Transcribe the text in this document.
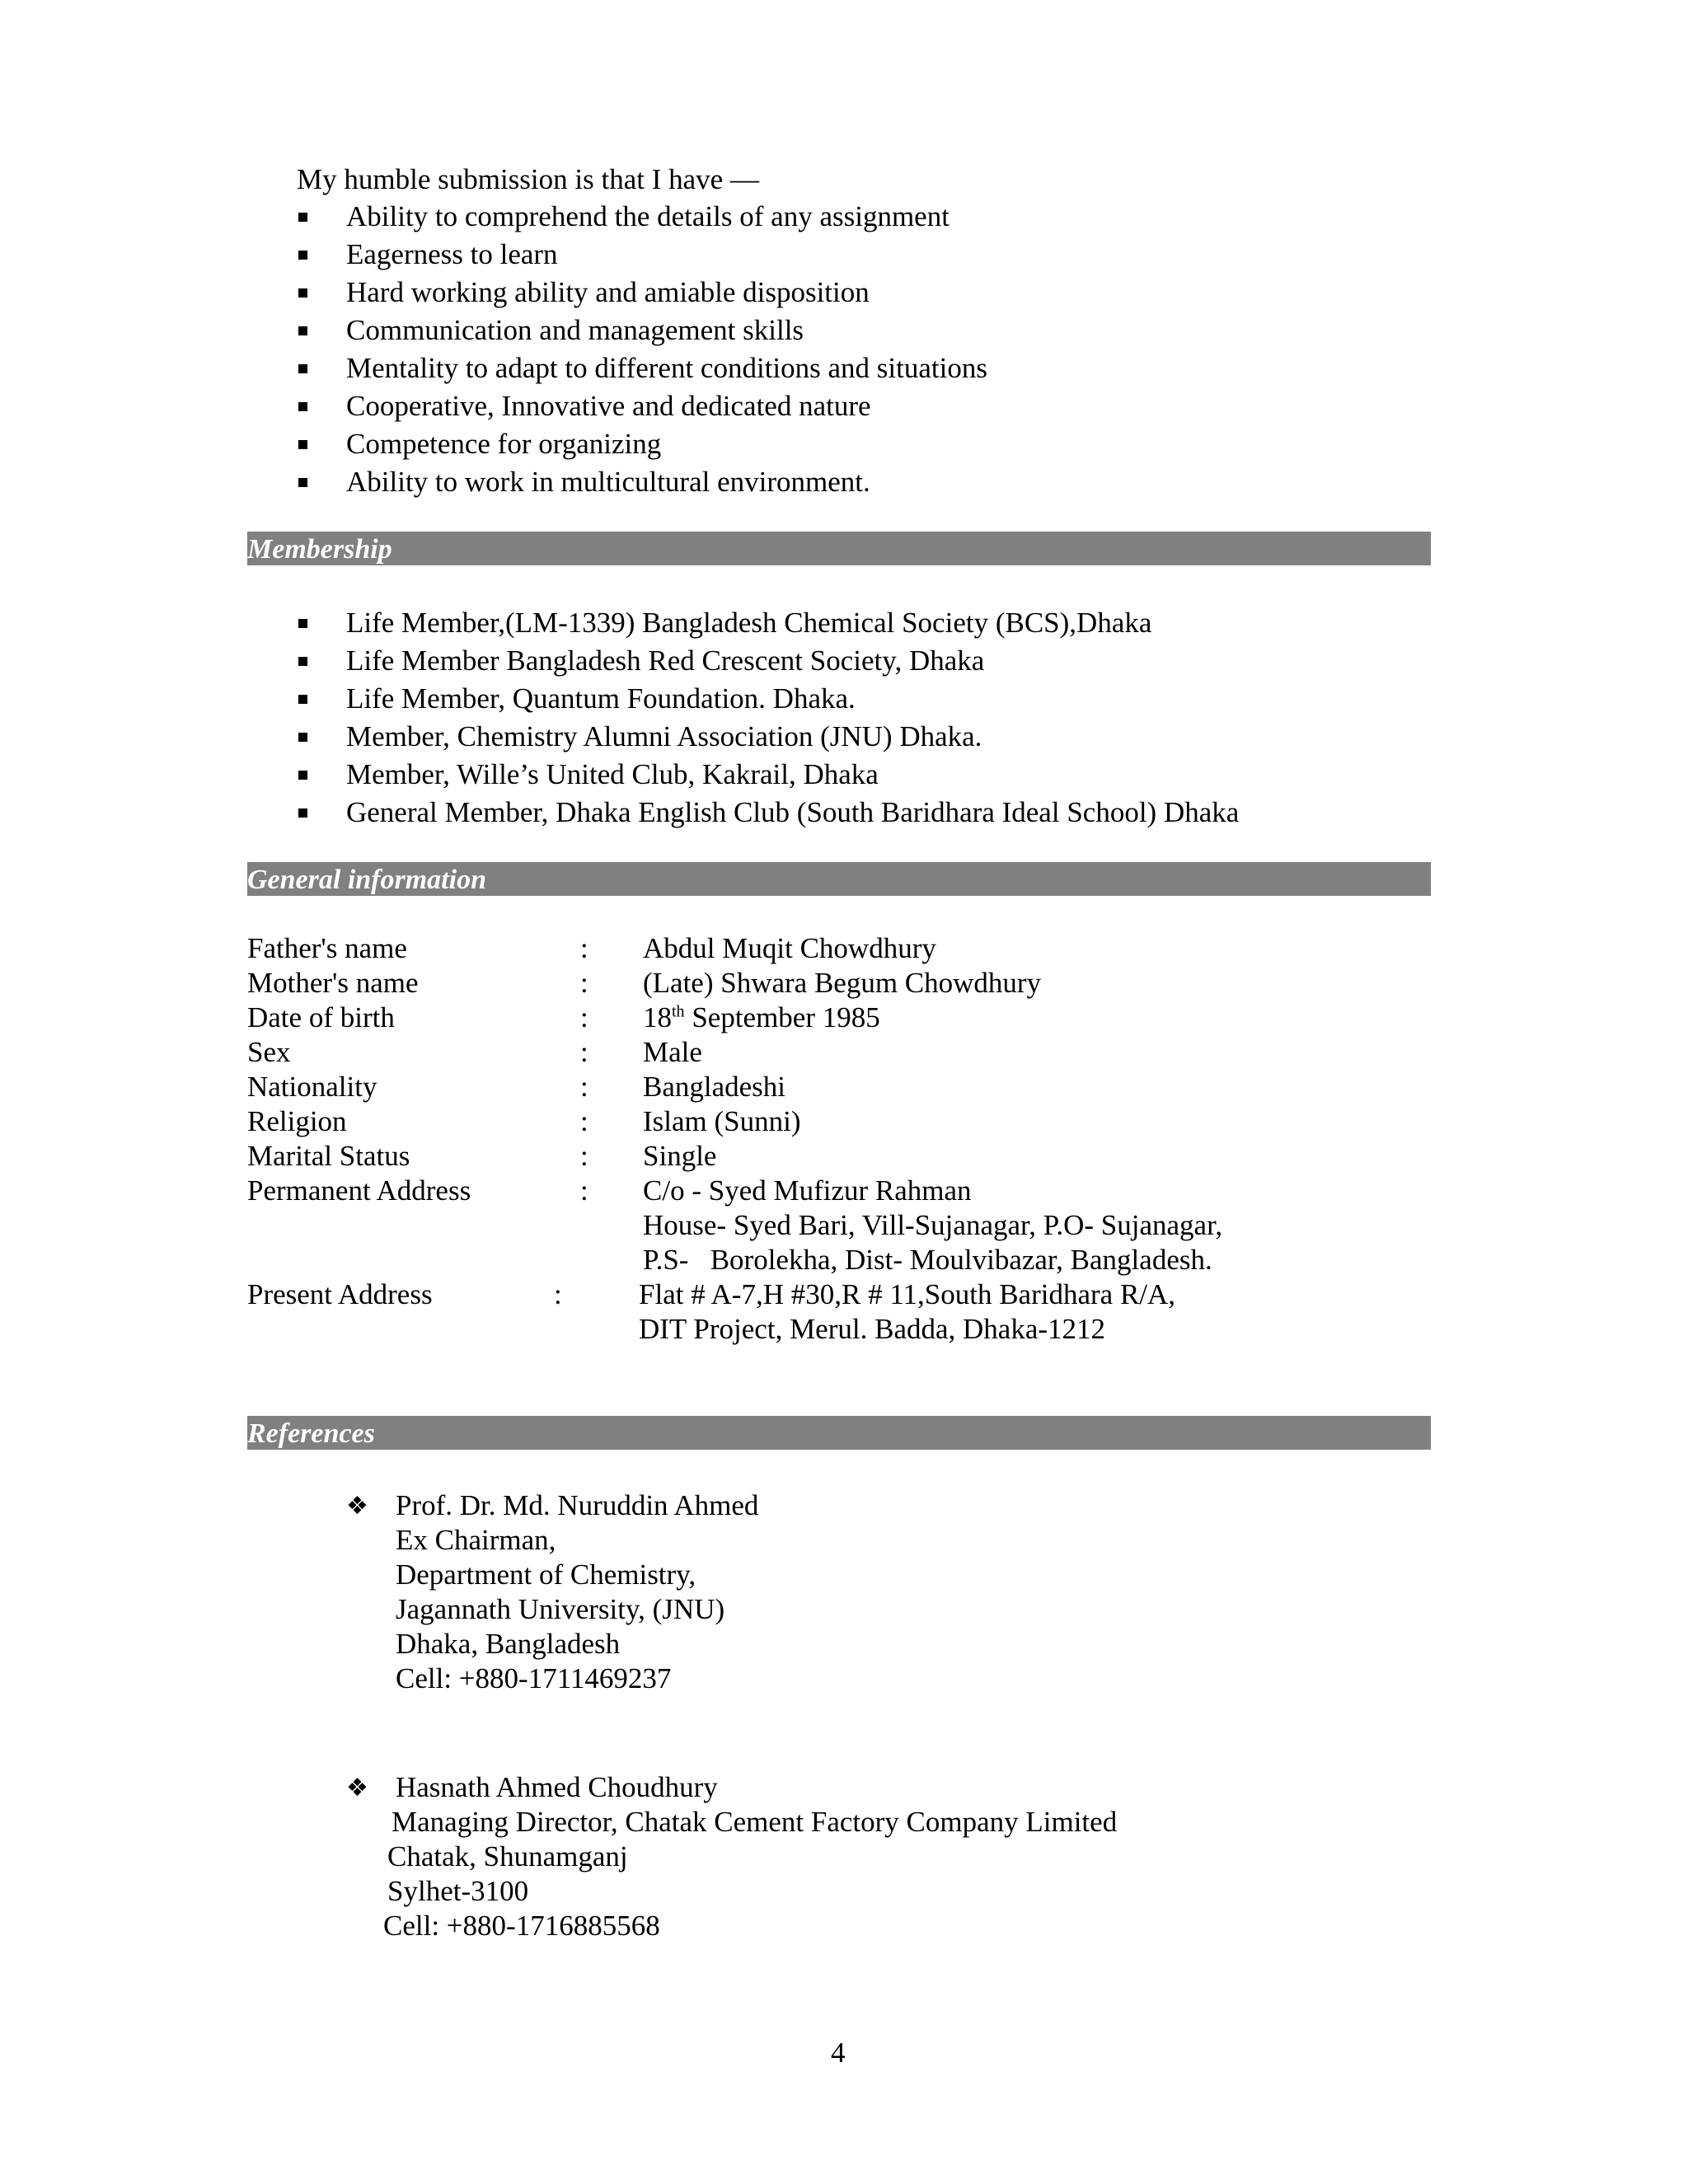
My humble submission is that I have —
Ability to comprehend the details of any assignment
Eagerness to learn
Hard working ability and amiable disposition
Communication and management skills
Mentality to adapt to different conditions and situations
Cooperative, Innovative and dedicated nature
Competence for organizing
Ability to work in multicultural environment.
Membership
Life Member,(LM-1339) Bangladesh Chemical Society (BCS),Dhaka
Life Member Bangladesh Red Crescent Society, Dhaka
Life Member, Quantum Foundation. Dhaka.
Member, Chemistry Alumni Association (JNU) Dhaka.
Member, Wille’s United Club, Kakrail, Dhaka
General Member, Dhaka English Club (South Baridhara Ideal School) Dhaka
General information
Father's name	: Abdul Muqit Chowdhury
Mother's name	: (Late) Shwara Begum Chowdhury
Date of birth	: 18th September 1985
Sex	: Male
Nationality	: Bangladeshi
Religion	: Islam (Sunni)
Marital Status	: Single
Permanent Address	: C/o - Syed Mufizur Rahman
House- Syed Bari, Vill-Sujanagar, P.O- Sujanagar,
P.S-   Borolekha, Dist- Moulvibazar, Bangladesh.
Present Address	:	Flat # A-7,H #30,R # 11,South Baridhara R/A,
DIT Project, Merul. Badda, Dhaka-1212
References
❖ Prof. Dr. Md. Nuruddin Ahmed
Ex Chairman,
Department of Chemistry,
Jagannath University, (JNU)
Dhaka, Bangladesh
Cell: +880-1711469237
❖ Hasnath Ahmed Choudhury
Managing Director, Chatak Cement Factory Company Limited
Chatak, Shunamganj
Sylhet-3100
Cell: +880-1716885568
4
